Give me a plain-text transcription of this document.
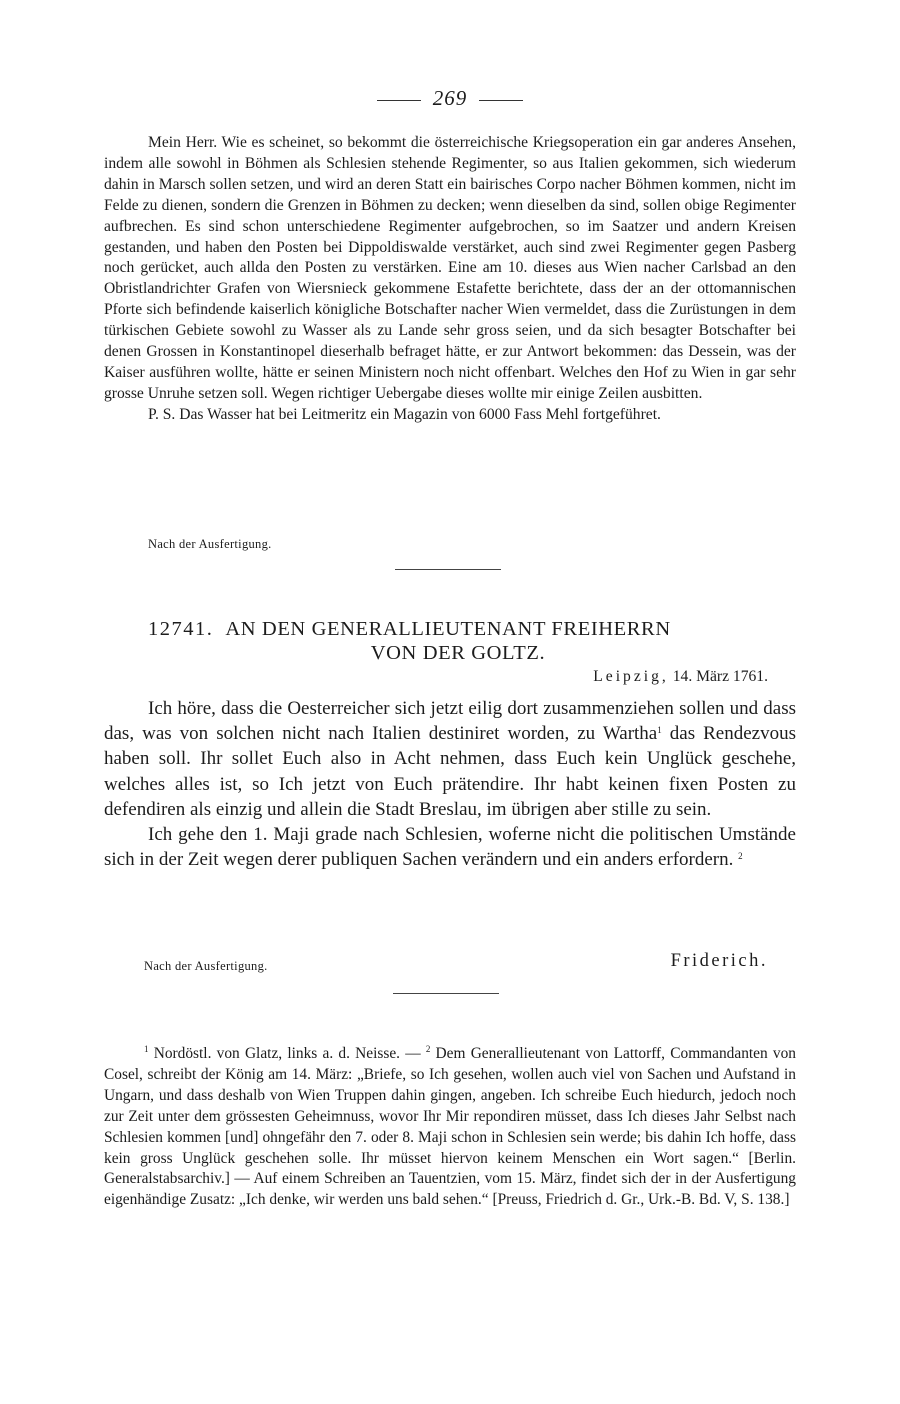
269

Mein Herr. Wie es scheinet, so bekommt die österreichische Kriegsoperation ein gar anderes Ansehen, indem alle sowohl in Böhmen als Schlesien stehende Regimenter, so aus Italien gekommen, sich wiederum dahin in Marsch sollen setzen, und wird an deren Statt ein bairisches Corpo nacher Böhmen kommen, nicht im Felde zu dienen, sondern die Grenzen in Böhmen zu decken; wenn dieselben da sind, sollen obige Regimenter aufbrechen. Es sind schon unterschiedene Regimenter aufgebrochen, so im Saatzer und andern Kreisen gestanden, und haben den Posten bei Dippoldiswalde verstärket, auch sind zwei Regimenter gegen Pasberg noch gerücket, auch allda den Posten zu verstärken. Eine am 10. dieses aus Wien nacher Carlsbad an den Obristlandrichter Grafen von Wiersnieck gekommene Estafette berichtete, dass der an der ottomannischen Pforte sich befindende kaiserlich königliche Botschafter nacher Wien vermeldet, dass die Zurüstungen in dem türkischen Gebiete sowohl zu Wasser als zu Lande sehr gross seien, und da sich besagter Botschafter bei denen Grossen in Konstantinopel dieserhalb befraget hätte, er zur Antwort bekommen: das Dessein, was der Kaiser ausführen wollte, hätte er seinen Ministern noch nicht offenbart. Welches den Hof zu Wien in gar sehr grosse Unruhe setzen soll. Wegen richtiger Uebergabe dieses wollte mir einige Zeilen ausbitten.

P. S. Das Wasser hat bei Leitmeritz ein Magazin von 6000 Fass Mehl fortgeführet.

Nach der Ausfertigung.
12741. AN DEN GENERALLIEUTENANT FREIHERRN
VON DER GOLTZ.
Leipzig, 14. März 1761.

Ich höre, dass die Oesterreicher sich jetzt eilig dort zusammenziehen sollen und dass das, was von solchen nicht nach Italien destiniret worden, zu Wartha$^1$ das Rendezvous haben soll. Ihr sollet Euch also in Acht nehmen, dass Euch kein Unglück geschehe, welches alles ist, so Ich jetzt von Euch prätendire. Ihr habt keinen fixen Posten zu defendiren als einzig und allein die Stadt Breslau, im übrigen aber stille zu sein.

Ich gehe den 1. Maji grade nach Schlesien, woferne nicht die politischen Umstände sich in der Zeit wegen derer publiquen Sachen verändern und ein anders erfordern. $^2$

Nach der Ausfertigung.	Friderich.

$^1$ Nordöstl. von Glatz, links a. d. Neisse. — $^2$ Dem Generallieutenant von Lattorff, Commandanten von Cosel, schreibt der König am 14. März: „Briefe, so Ich gesehen, wollen auch viel von Sachen und Aufstand in Ungarn, und dass deshalb von Wien Truppen dahin gingen, angeben. Ich schreibe Euch hiedurch, jedoch noch zur Zeit unter dem grössesten Geheimnuss, wovor Ihr Mir repondiren müsset, dass Ich dieses Jahr Selbst nach Schlesien kommen [und] ohngefähr den 7. oder 8. Maji schon in Schlesien sein werde; bis dahin Ich hoffe, dass kein gross Unglück geschehen solle. Ihr müsset hiervon keinem Menschen ein Wort sagen.“ [Berlin. Generalstabsarchiv.] — Auf einem Schreiben an Tauentzien, vom 15. März, findet sich der in der Ausfertigung eigenhändige Zusatz: „Ich denke, wir werden uns bald sehen.“ [Preuss, Friedrich d. Gr., Urk.-B. Bd. V, S. 138.]
